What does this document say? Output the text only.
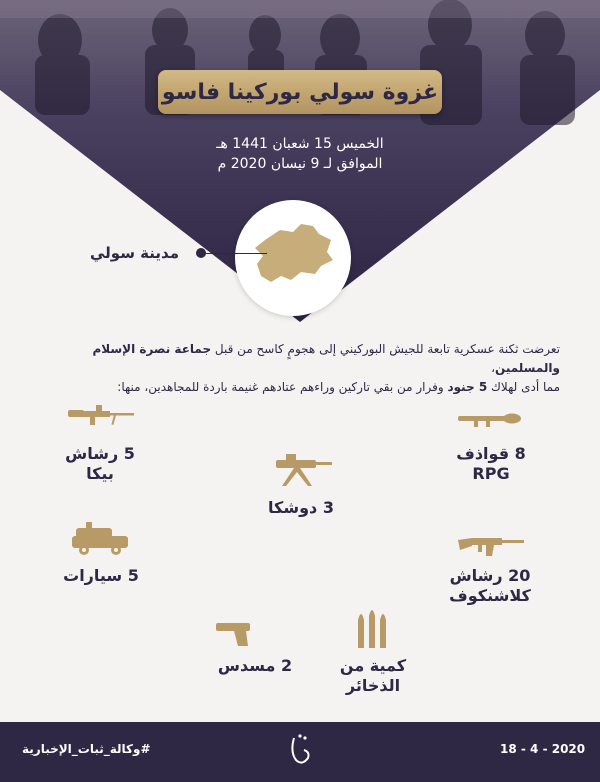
غزوة سولي بوركينا فاسو
الخميس 15 شعبان 1441 هـ
الموافق لـ 9 نيسان 2020 م
مدينة سولي
تعرضت ثكنة عسكرية تابعة للجيش البوركيني إلى هجومٍ كاسح من قبل جماعة نصرة الإسلام والمسلمين،
مما أدى لهلاك 5 جنود وفرار من بقي تاركين وراءهم عتادهم غنيمة باردة للمجاهدين، منها:
5 رشاش
بيكا
8 قواذف
RPG
3 دوشكا
5 سيارات	20 رشاش
كلاشنكوف
2 مسدس	كمية من
الذخائر
18 - 4 - 2020
#وكالة_ثبات_الإخبارية
